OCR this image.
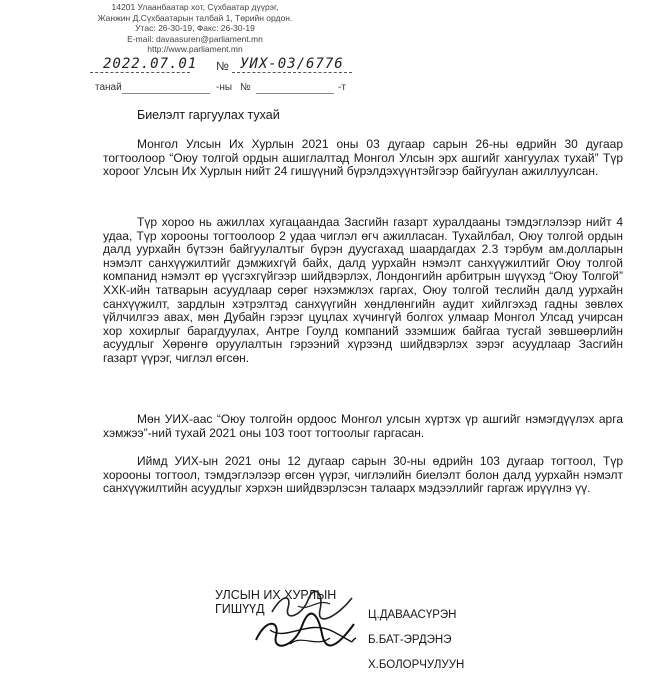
14201 Улаанбаатар хот, Сүхбаатар дүүрэг,
Жанжин Д.Сүхбаатарын талбай 1, Төрийн ордон.
Утас: 26-30-19, Факс: 26-30-19
E-mail: davaasuren@parliament.mn
http://www.parliament.mn
2022.07.01 № УИХ-03/6776
танай	-ны №	-т
Биелэлт гаргуулах тухай
Монгол Улсын Их Хурлын 2021 оны 03 дугаар сарын 26-ны өдрийн 30 дугаар тогтоолоор “Оюу толгой ордын ашиглалтад Монгол Улсын эрх ашгийг хангуулах тухай” Түр хороог Улсын Их Хурлын нийт 24 гишүүний бүрэлдэхүүнтэйгээр байгуулан ажиллуулсан.
Түр хороо нь ажиллах хугацаандаа Засгийн газарт хуралдааны тэмдэглэлээр нийт 4 удаа, Түр хорооны тогтоолоор 2 удаа чиглэл өгч ажилласан. Тухайлбал, Оюу толгой ордын далд уурхайн бүтээн байгуулалтыг бүрэн дуусгахад шаардагдах 2.3 тэрбум ам.долларын нэмэлт санхүүжилтийг дэмжихгүй байх, далд уурхайн нэмэлт санхүүжилтийг Оюу толгой компанид нэмэлт өр үүсгэхгүйгээр шийдвэрлэх, Лондонгийн арбитрын шүүхэд “Оюу Толгой” ХХК-ийн татварын асуудлаар сөрөг нэхэмжлэх гаргах, Оюу толгой теслийн далд уурхайн санхүүжилт, зардлын хэтрэлтэд санхүүгийн хөндлөнгийн аудит хийлгэхэд гадны зөвлөх үйлчилгээ авах, мөн Дубайн гэрээг цуцлах хүчингүй болгох улмаар Монгол Улсад учирсан хор хохирлыг барагдуулах, Антре Гоулд компаний эзэмшиж байгаа тусгай зөвшөөрлийн асуудлыг Хөрөнгө оруулалтын гэрээний хүрээнд шийдвэрлэх зэрэг асуудлаар Засгийн газарт үүрэг, чиглэл өгсөн.
Мөн УИХ-аас “Оюу толгойн ордоос Монгол улсын хүртэх үр ашгийг нэмэгдүүлэх арга хэмжээ”-ний тухай 2021 оны 103 тоот тогтоолыг гаргасан.
Иймд УИХ-ын 2021 оны 12 дугаар сарын 30-ны өдрийн 103 дугаар тогтоол, Түр хорооны тогтоол, тэмдэглэлээр өгсөн үүрэг, чиглэлийн биелэлт болон далд уурхайн нэмэлт санхүүжилтийн асуудлыг хэрхэн шийдвэрлэсэн талаарх мэдээллийг гаргаж ирүүлнэ үү.
УЛСЫН ИХ ХУРЛЫН
ГИШҮҮД	Ц.ДАВААСҮРЭН
Б.БАТ-ЭРДЭНЭ
Х.БОЛОРЧУЛУУН
